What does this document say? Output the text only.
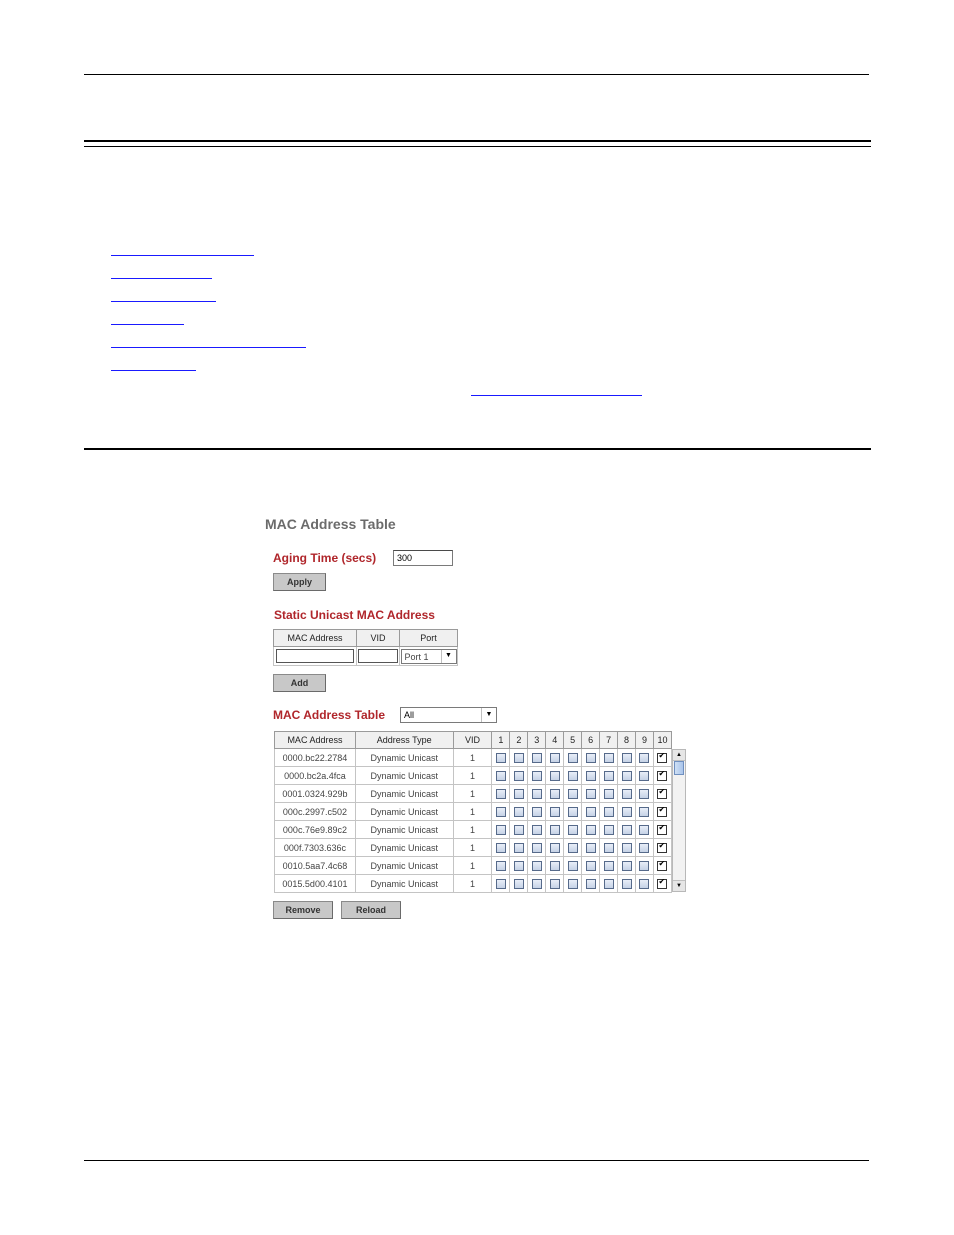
MAC Address Table
Aging Time (secs)
300
Apply
Static Unicast MAC Address
MAC Address	VID	Port

		Port 1 ▼
Add
MAC Address Table	All	▼
MAC Address	Address Type	VID	1	2	3	4	5	6	7	8	9	10
0000.bc22.2784	Dynamic Unicast	1										✔
0000.bc2a.4fca	Dynamic Unicast	1										✔
0001.0324.929b	Dynamic Unicast	1										✔
000c.2997.c502	Dynamic Unicast	1										✔
000c.76e9.89c2	Dynamic Unicast	1										✔
000f.7303.636c	Dynamic Unicast	1										✔
0010.5aa7.4c68	Dynamic Unicast	1										✔
0015.5d00.4101	Dynamic Unicast	1										✔
▲
▼
Remove	Reload
